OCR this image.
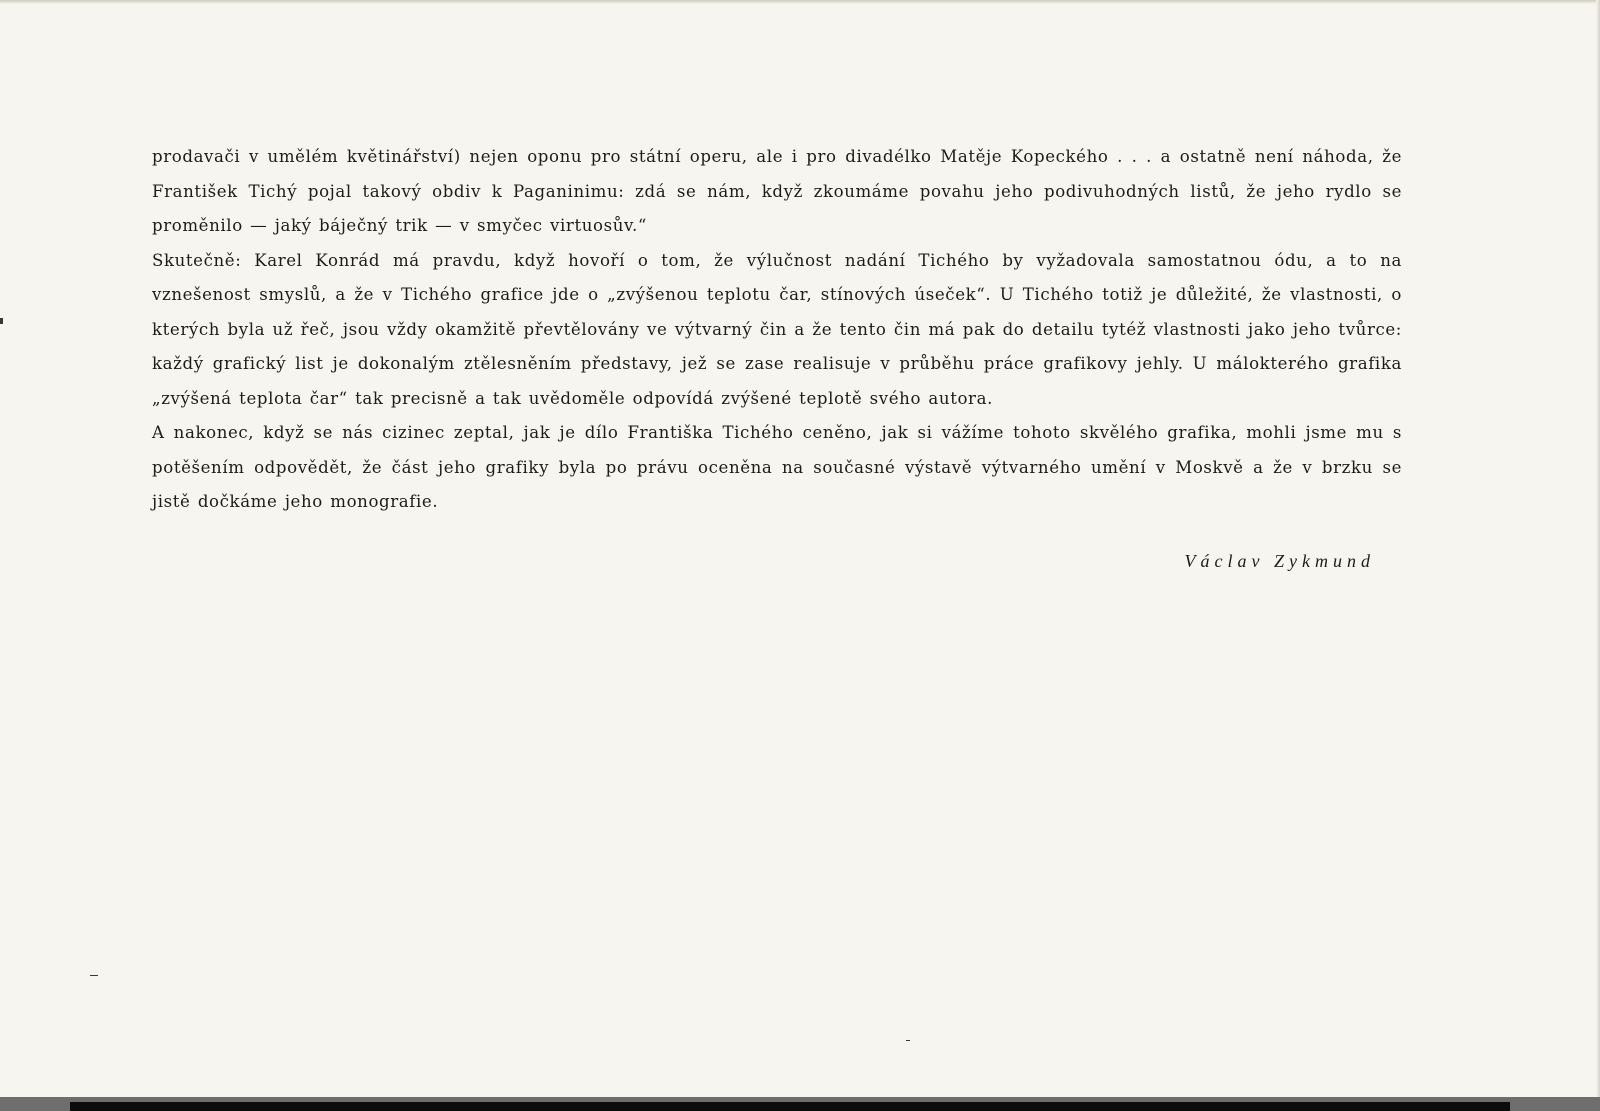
prodavači v umělém květinářství) nejen oponu pro státní operu, ale i pro divadélko Matěje Kopeckého . . . a ostatně není náhoda, že František Tichý pojal takový obdiv k Paganinimu: zdá se nám, když zkoumáme povahu jeho podivuhodných listů, že jeho rydlo se proměnilo — jaký báječný trik — v smyčec virtuosův.“

Skutečně: Karel Konrád má pravdu, když hovoří o tom, že výlučnost nadání Tichého by vyžadovala samostatnou ódu, a to na vznešenost smyslů, a že v Tichého grafice jde o „zvýšenou teplotu čar, stínových úseček“. U Tichého totiž je důležité, že vlastnosti, o kterých byla už řeč, jsou vždy okamžitě převtělovány ve výtvarný čin a že tento čin má pak do detailu tytéž vlastnosti jako jeho tvůrce: každý grafický list je dokonalým ztělesněním představy, jež se zase realisuje v průběhu práce grafikovy jehly. U málokterého grafika „zvýšená teplota čar“ tak precisně a tak uvědoměle odpovídá zvýšené teplotě svého autora.

A nakonec, když se nás cizinec zeptal, jak je dílo Františka Tichého ceněno, jak si vážíme tohoto skvělého grafika, mohli jsme mu s potěšením odpovědět, že část jeho grafiky byla po právu oceněna na současné výstavě výtvarného umění v Moskvě a že v brzku se jistě dočkáme jeho monografie.

Václav Zykmund
